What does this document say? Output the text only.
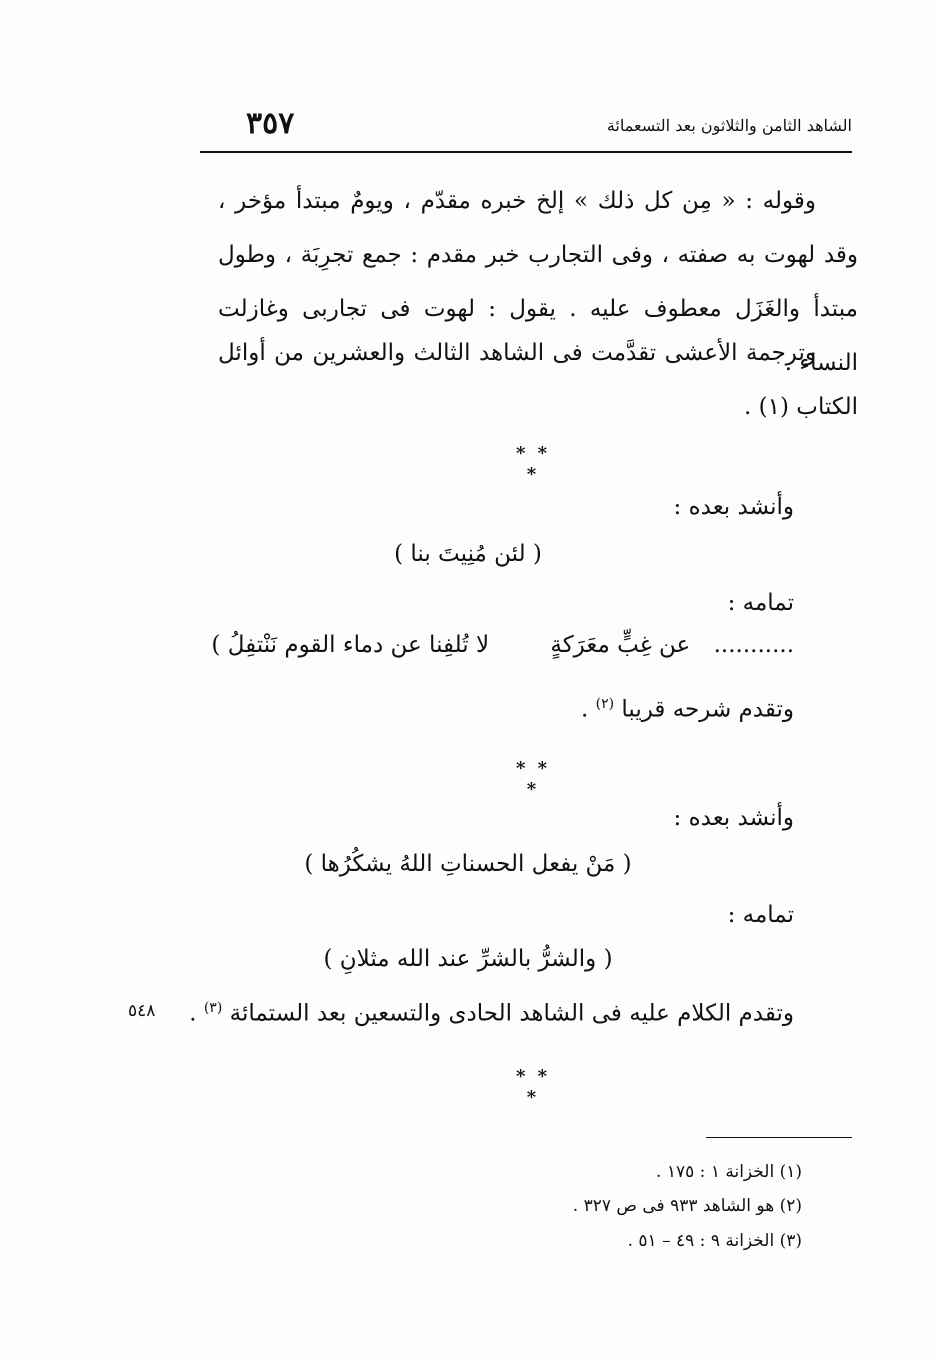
الشاهد الثامن والثلاثون بعد التسعمائة
٣٥٧
وقوله : « مِن كل ذلك » إلخ خبره مقدّم ، ويومٌ مبتدأ مؤخر ، وقد لهوت به صفته ، وفى التجارب خبر مقدم : جمع تجرِبَة ، وطول مبتدأ والغَزَل معطوف عليه . يقول : لهوت فى تجاربى وغازلت النساء .
وترجمة الأعشى تقدَّمت فى الشاهد الثالث والعشرين من أوائل الكتاب (١) .
* * *
وأنشد بعده :
( لئن مُنِيتَ بنا )
تمامه :
........... عن غِبٍّ معَرَكةٍ لا تُلفِنا عن دماء القوم نَنْتفِلُ )
وتقدم شرحه قريبا $^{(٢)}$ .
* * *
وأنشد بعده :
( مَنْ يفعل الحسناتِ اللهُ يشكُرُها )
تمامه :
( والشرُّ بالشرِّ عند الله مثلانِ )
وتقدم الكلام عليه فى الشاهد الحادى والتسعين بعد الستمائة $^{(٣)}$ .
٥٤٨
* * *
(١) الخزانة ١ : ١٧٥ .
(٢) هو الشاهد ٩٣٣ فى ص ٣٢٧ .
(٣) الخزانة ٩ : ٤٩ – ٥١ .
